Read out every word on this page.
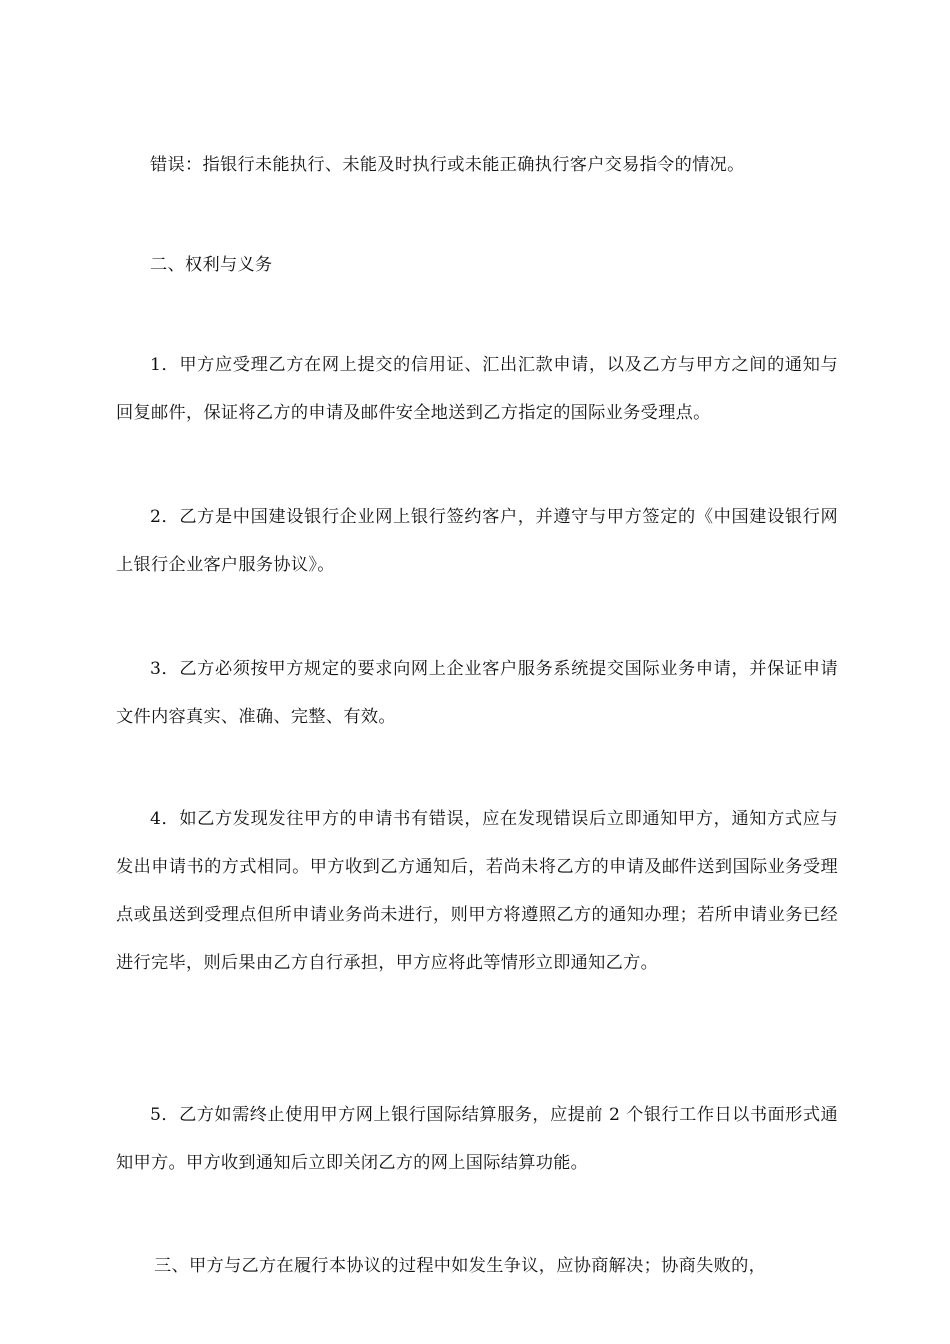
错误：指银行未能执行、未能及时执行或未能正确执行客户交易指令的情况。

二、权利与义务

1．甲方应受理乙方在网上提交的信用证、汇出汇款申请，以及乙方与甲方之间的通知与回复邮件，保证将乙方的申请及邮件安全地送到乙方指定的国际业务受理点。

2．乙方是中国建设银行企业网上银行签约客户，并遵守与甲方签定的《中国建设银行网上银行企业客户服务协议》。

3．乙方必须按甲方规定的要求向网上企业客户服务系统提交国际业务申请，并保证申请文件内容真实、准确、完整、有效。

4．如乙方发现发往甲方的申请书有错误，应在发现错误后立即通知甲方，通知方式应与发出申请书的方式相同。甲方收到乙方通知后，若尚未将乙方的申请及邮件送到国际业务受理点或虽送到受理点但所申请业务尚未进行，则甲方将遵照乙方的通知办理；若所申请业务已经进行完毕，则后果由乙方自行承担，甲方应将此等情形立即通知乙方。

5．乙方如需终止使用甲方网上银行国际结算服务，应提前 2 个银行工作日以书面形式通知甲方。甲方收到通知后立即关闭乙方的网上国际结算功能。

三、甲方与乙方在履行本协议的过程中如发生争议，应协商解决；协商失败的，
